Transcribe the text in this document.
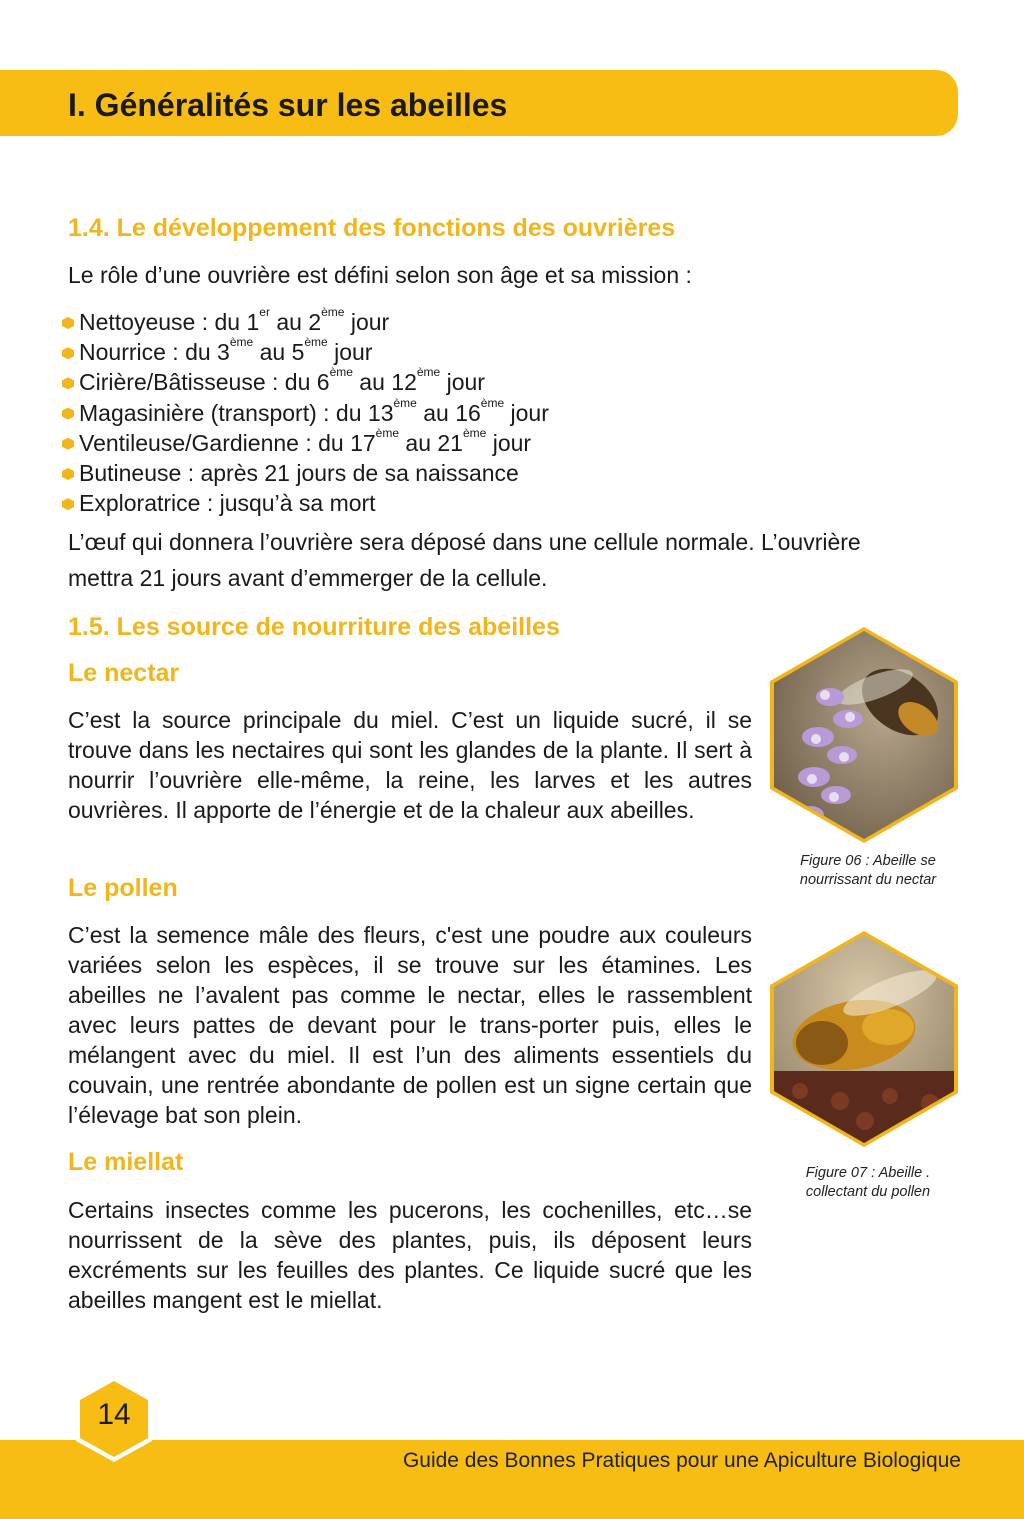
I. Généralités sur les abeilles
1.4. Le développement des fonctions des ouvrières

Le rôle d’une ouvrière est défini selon son âge et sa mission :

Nettoyeuse : du 1er au 2ème jour
Nourrice : du 3ème au 5ème jour
Cirière/Bâtisseuse : du 6ème au 12ème jour
Magasinière (transport) : du 13ème au 16ème jour
Ventileuse/Gardienne : du 17ème au 21ème jour
Butineuse : après 21 jours de sa naissance
Exploratrice : jusqu’à sa mort

L’œuf qui donnera l’ouvrière sera déposé dans une cellule normale. L’ouvrière
mettra 21 jours avant d’emmerger de la cellule.

1.5. Les source de nourriture des abeilles
Le nectar

C’est la source principale du miel. C’est un liquide sucré, il se trouve dans les nectaires qui sont les glandes de la plante. Il sert à nourrir l’ouvrière elle-même, la reine, les larves et les autres ouvrières. Il apporte de l’énergie et de la chaleur aux abeilles.

Le pollen

C’est la semence mâle des fleurs, c'est une poudre aux couleurs variées selon les espèces, il se trouve sur les étamines. Les abeilles ne l’avalent pas comme le nectar, elles le rassemblent avec leurs pattes de devant pour le trans-porter puis, elles le mélangent avec du miel. Il est l’un des aliments essentiels du couvain, une rentrée abondante de pollen est un signe certain que l’élevage bat son plein.

Le miellat

Certains insectes comme les pucerons, les cochenilles, etc…se nourrissent de la sève des plantes, puis, ils déposent leurs excréments sur les feuilles des plantes. Ce liquide sucré que les abeilles mangent est le miellat.

Figure 06 : Abeille se
nourrissant du nectar

Figure 07 : Abeille .
collectant du pollen

14

Guide des Bonnes Pratiques pour une Apiculture Biologique
